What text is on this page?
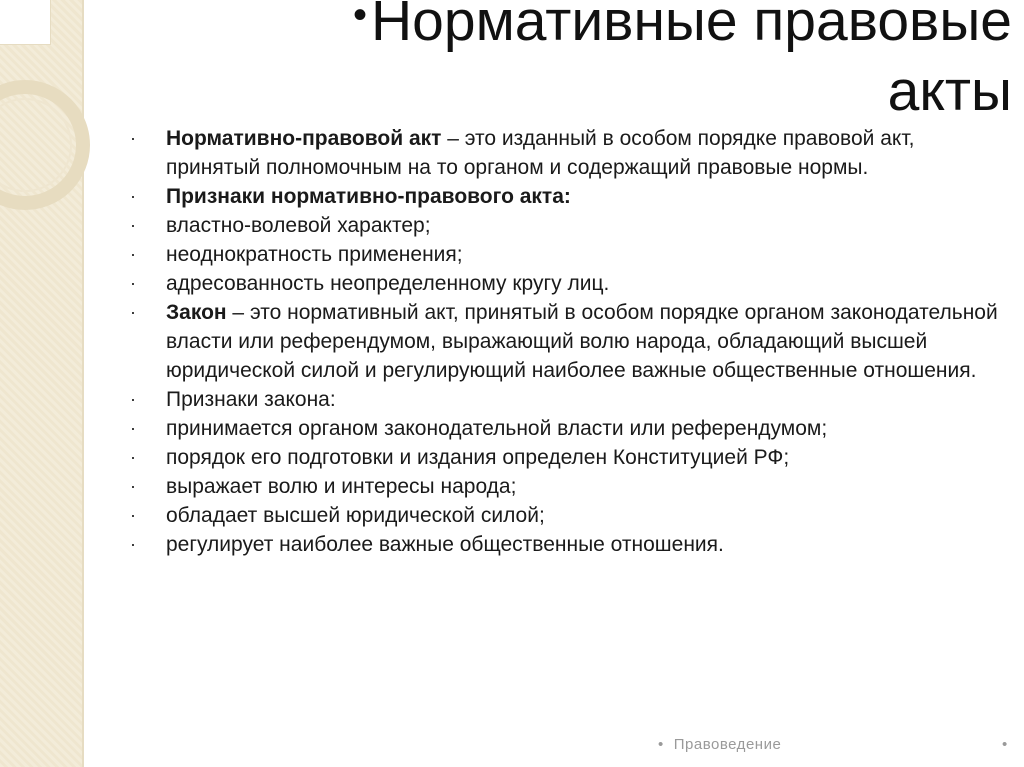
•Нормативные правовые
акты
·	Нормативно-правовой акт – это изданный в особом порядке правовой акт, принятый полномочным на то органом и содержащий правовые нормы.
·	Признаки нормативно-правового акта:
·	властно-волевой характер;
·	неоднократность применения;
·	адресованность неопределенному кругу лиц.
·	Закон – это нормативный акт, принятый в особом порядке органом законодательной власти или референдумом, выражающий волю народа, обладающий высшей юридической силой и регулирующий наиболее важные общественные отношения.
·	Признаки закона:
·	принимается органом законодательной власти или референдумом;
·	порядок его подготовки и издания определен Конституцией РФ;
·	выражает волю и интересы народа;
·	обладает высшей юридической силой;
·	регулирует наиболее важные общественные отношения.
• Правоведение	•
